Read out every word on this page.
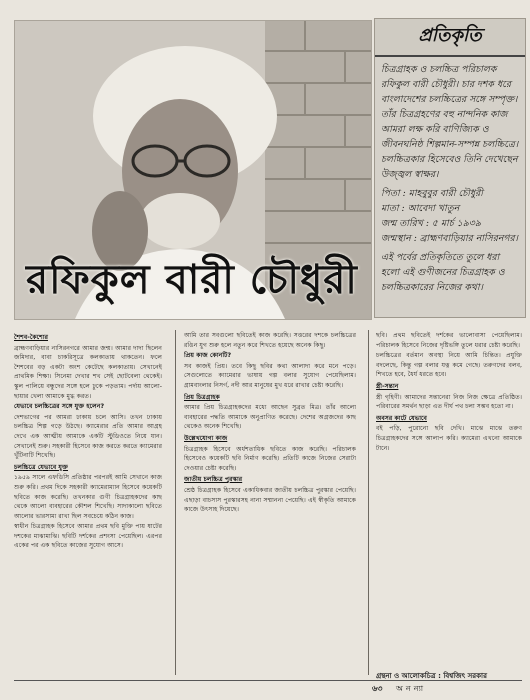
রফিকুল বারী চৌধুরী
প্রতিকৃতি

চিত্রগ্রাহক ও চলচ্চিত্র পরিচালক রফিকুল বারী চৌধুরী। চার দশক ধরে বাংলাদেশের চলচ্চিত্রের সঙ্গে সম্পৃক্ত। তাঁর চিত্রগ্রহণের বহু নান্দনিক কাজ আমরা লক্ষ করি বাণিজ্যিক ও জীবনঘনিষ্ঠ শিল্পমান-সম্পন্ন চলচ্চিত্রে। চলচ্চিত্রকার হিসেবেও তিনি দেখেছেন উজ্জ্বল স্বাক্ষর।

পিতা : মাহবুবুর বারী চৌধুরী

মাতা : আবেদা খাতুন

জন্ম তারিখ : ৫ মার্চ ১৯৩৯

জন্মস্থান : ব্রাহ্মণবাড়িয়ার নাসিরনগর।

এই পর্বের প্রতিকৃতিতে তুলে ধরা হলো এই গুণীজনের চিত্রগ্রাহক ও চলচ্চিত্রকারের নিজের কথা।

শৈশব-কৈশোর

ব্রাহ্মণবাড়িয়ার নাসিরনগরে আমার জন্ম। আমার দাদা ছিলেন জমিদার, বাবা চাকরিসূত্রে কলকাতায় থাকতেন। ফলে শৈশবের বড় একটা অংশ কেটেছে কলকাতায়। সেখানেই প্রাথমিক শিক্ষা। সিনেমা দেখার শখ সেই ছোটবেলা থেকেই। স্কুল পালিয়ে বন্ধুদের সঙ্গে হলে ঢুকে পড়তাম। পর্দায় আলো-ছায়ার খেলা আমাকে মুগ্ধ করত।

যেভাবে চলচ্চিত্রের সঙ্গে যুক্ত হলেন?

দেশভাগের পর আমরা ঢাকায় চলে আসি। তখন ঢাকায় চলচ্চিত্র শিল্প গড়ে উঠছে। ক্যামেরার প্রতি আমার আগ্রহ দেখে এক আত্মীয় আমাকে একটি স্টুডিওতে নিয়ে যান। সেখানেই শুরু। সহকারী হিসেবে কাজ করতে করতে ক্যামেরার খুঁটিনাটি শিখেছি।

চলচ্চিত্রে যেভাবে যুক্ত

১৯৫৯ সালে এফডিসি প্রতিষ্ঠার পরপরই আমি সেখানে কাজ শুরু করি। প্রথম দিকে সহকারী ক্যামেরাম্যান হিসেবে কয়েকটি ছবিতে কাজ করেছি। তখনকার গুণী চিত্রগ্রাহকদের কাছ থেকে আলো ব্যবহারের কৌশল শিখেছি। সাদাকালো ছবিতে আলোর ভারসাম্য রাখা ছিল সবচেয়ে কঠিন কাজ।

স্বাধীন চিত্রগ্রাহক হিসেবে আমার প্রথম ছবি মুক্তি পায় ষাটের দশকের মাঝামাঝি। ছবিটি দর্শকের প্রশংসা পেয়েছিল। এরপর একের পর এক ছবিতে কাজের সুযোগ আসে।

আমি তার সবগুলো ছবিতেই কাজ করেছি। সত্তরের দশকে চলচ্চিত্রের রঙিন যুগ শুরু হলে নতুন করে শিখতে হয়েছে অনেক কিছু।

প্রিয় কাজ কোনটি?

সব কাজই প্রিয়। তবে কিছু ছবির কথা আলাদা করে মনে পড়ে। সেগুলোতে ক্যামেরার ভাষায় গল্প বলার সুযোগ পেয়েছিলাম। গ্রামবাংলার নিসর্গ, নদী আর মানুষের মুখ ধরে রাখার চেষ্টা করেছি।

প্রিয় চিত্রগ্রাহক

আমার প্রিয় চিত্রগ্রাহকদের মধ্যে আছেন সুব্রত মিত্র। তাঁর আলো ব্যবহারের পদ্ধতি আমাকে অনুপ্রাণিত করেছে। দেশের অগ্রজদের কাছ থেকেও অনেক শিখেছি।

উল্লেখযোগ্য কাজ

চিত্রগ্রাহক হিসেবে অর্ধশতাধিক ছবিতে কাজ করেছি। পরিচালক হিসেবেও কয়েকটি ছবি নির্মাণ করেছি। প্রতিটি কাজে নিজের সেরাটা দেওয়ার চেষ্টা করেছি।

জাতীয় চলচ্চিত্র পুরস্কার

শ্রেষ্ঠ চিত্রগ্রাহক হিসেবে একাধিকবার জাতীয় চলচ্চিত্র পুরস্কার পেয়েছি। এছাড়া বাচসাস পুরস্কারসহ নানা সম্মাননা পেয়েছি। এই স্বীকৃতি আমাকে কাজে উৎসাহ দিয়েছে।

ছবি। প্রথম ছবিতেই দর্শকের ভালোবাসা পেয়েছিলাম। পরিচালক হিসেবে নিজের দৃষ্টিভঙ্গি তুলে ধরার চেষ্টা করেছি।

চলচ্চিত্রের বর্তমান অবস্থা নিয়ে আমি চিন্তিত। প্রযুক্তি বদলেছে, কিন্তু গল্প বলার যত্ন কমে গেছে। তরুণদের বলব, শিখতে হবে, ধৈর্য ধরতে হবে।

স্ত্রী-সন্তান

স্ত্রী গৃহিণী। আমাদের সন্তানেরা নিজ নিজ ক্ষেত্রে প্রতিষ্ঠিত। পরিবারের সমর্থন ছাড়া এত দীর্ঘ পথ চলা সম্ভব হতো না।

অবসর কাটে যেভাবে

বই পড়ি, পুরোনো ছবি দেখি। মাঝে মাঝে তরুণ চিত্রগ্রাহকদের সঙ্গে আলাপ করি। ক্যামেরা এখনো আমাকে টানে।

গ্রন্থনা ও আলোকচিত্র : বিশ্বজিৎ সরকার
৬৩ অনন্যা
